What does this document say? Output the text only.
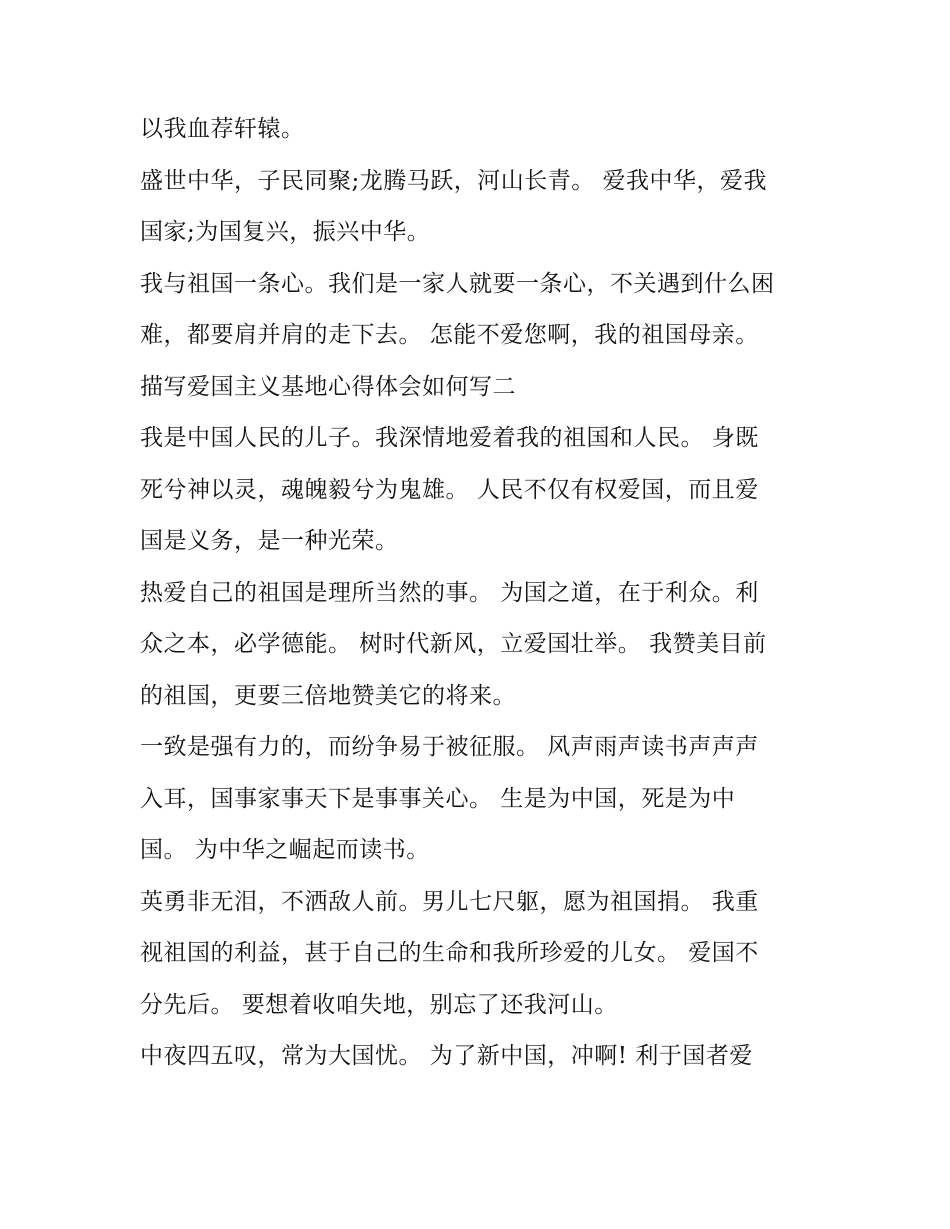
以我血荐轩辕。
盛世中华，子民同聚;龙腾马跃，河山长青。 爱我中华，爱我
国家;为国复兴，振兴中华。
我与祖国一条心。我们是一家人就要一条心，不关遇到什么困
难，都要肩并肩的走下去。 怎能不爱您啊，我的祖国母亲。
描写爱国主义基地心得体会如何写二
我是中国人民的儿子。我深情地爱着我的祖国和人民。 身既
死兮神以灵，魂魄毅兮为鬼雄。 人民不仅有权爱国，而且爱
国是义务，是一种光荣。
热爱自己的祖国是理所当然的事。 为国之道，在于利众。利
众之本，必学德能。 树时代新风，立爱国壮举。 我赞美目前
的祖国，更要三倍地赞美它的将来。
一致是强有力的，而纷争易于被征服。 风声雨声读书声声声
入耳，国事家事天下是事事关心。 生是为中国，死是为中
国。 为中华之崛起而读书。
英勇非无泪，不洒敌人前。男儿七尺躯，愿为祖国捐。 我重
视祖国的利益，甚于自己的生命和我所珍爱的儿女。 爱国不
分先后。 要想着收咱失地，别忘了还我河山。
中夜四五叹，常为大国忧。 为了新中国，冲啊! 利于国者爱
